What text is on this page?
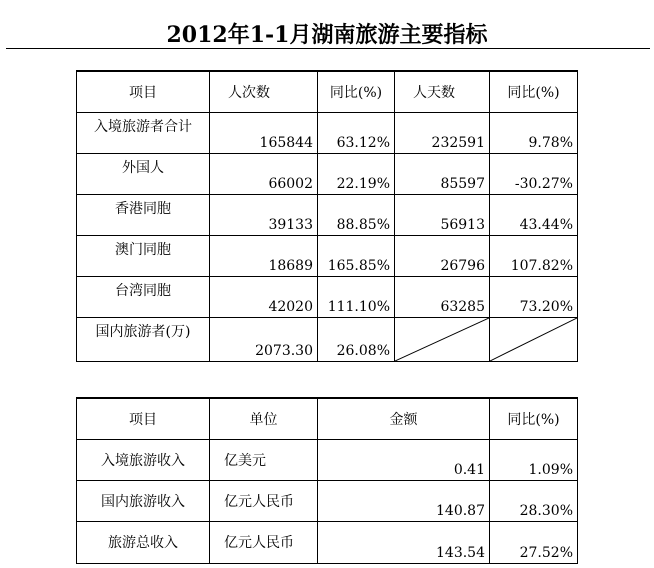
2012年1-1月湖南旅游主要指标
项目	人次数	同比(%)	人天数	同比(%)
入境旅游者合计	165844	63.12%	232591	9.78%
外国人	66002	22.19%	85597	-30.27%
香港同胞	39133	88.85%	56913	43.44%
澳门同胞	18689	165.85%	26796	107.82%
台湾同胞	42020	111.10%	63285	73.20%
国内旅游者(万)	2073.30	26.08%	

项目	单位	金额	同比(%)
入境旅游收入	亿美元	0.41	1.09%
国内旅游收入	亿元人民币	140.87	28.30%
旅游总收入	亿元人民币	143.54	27.52%
